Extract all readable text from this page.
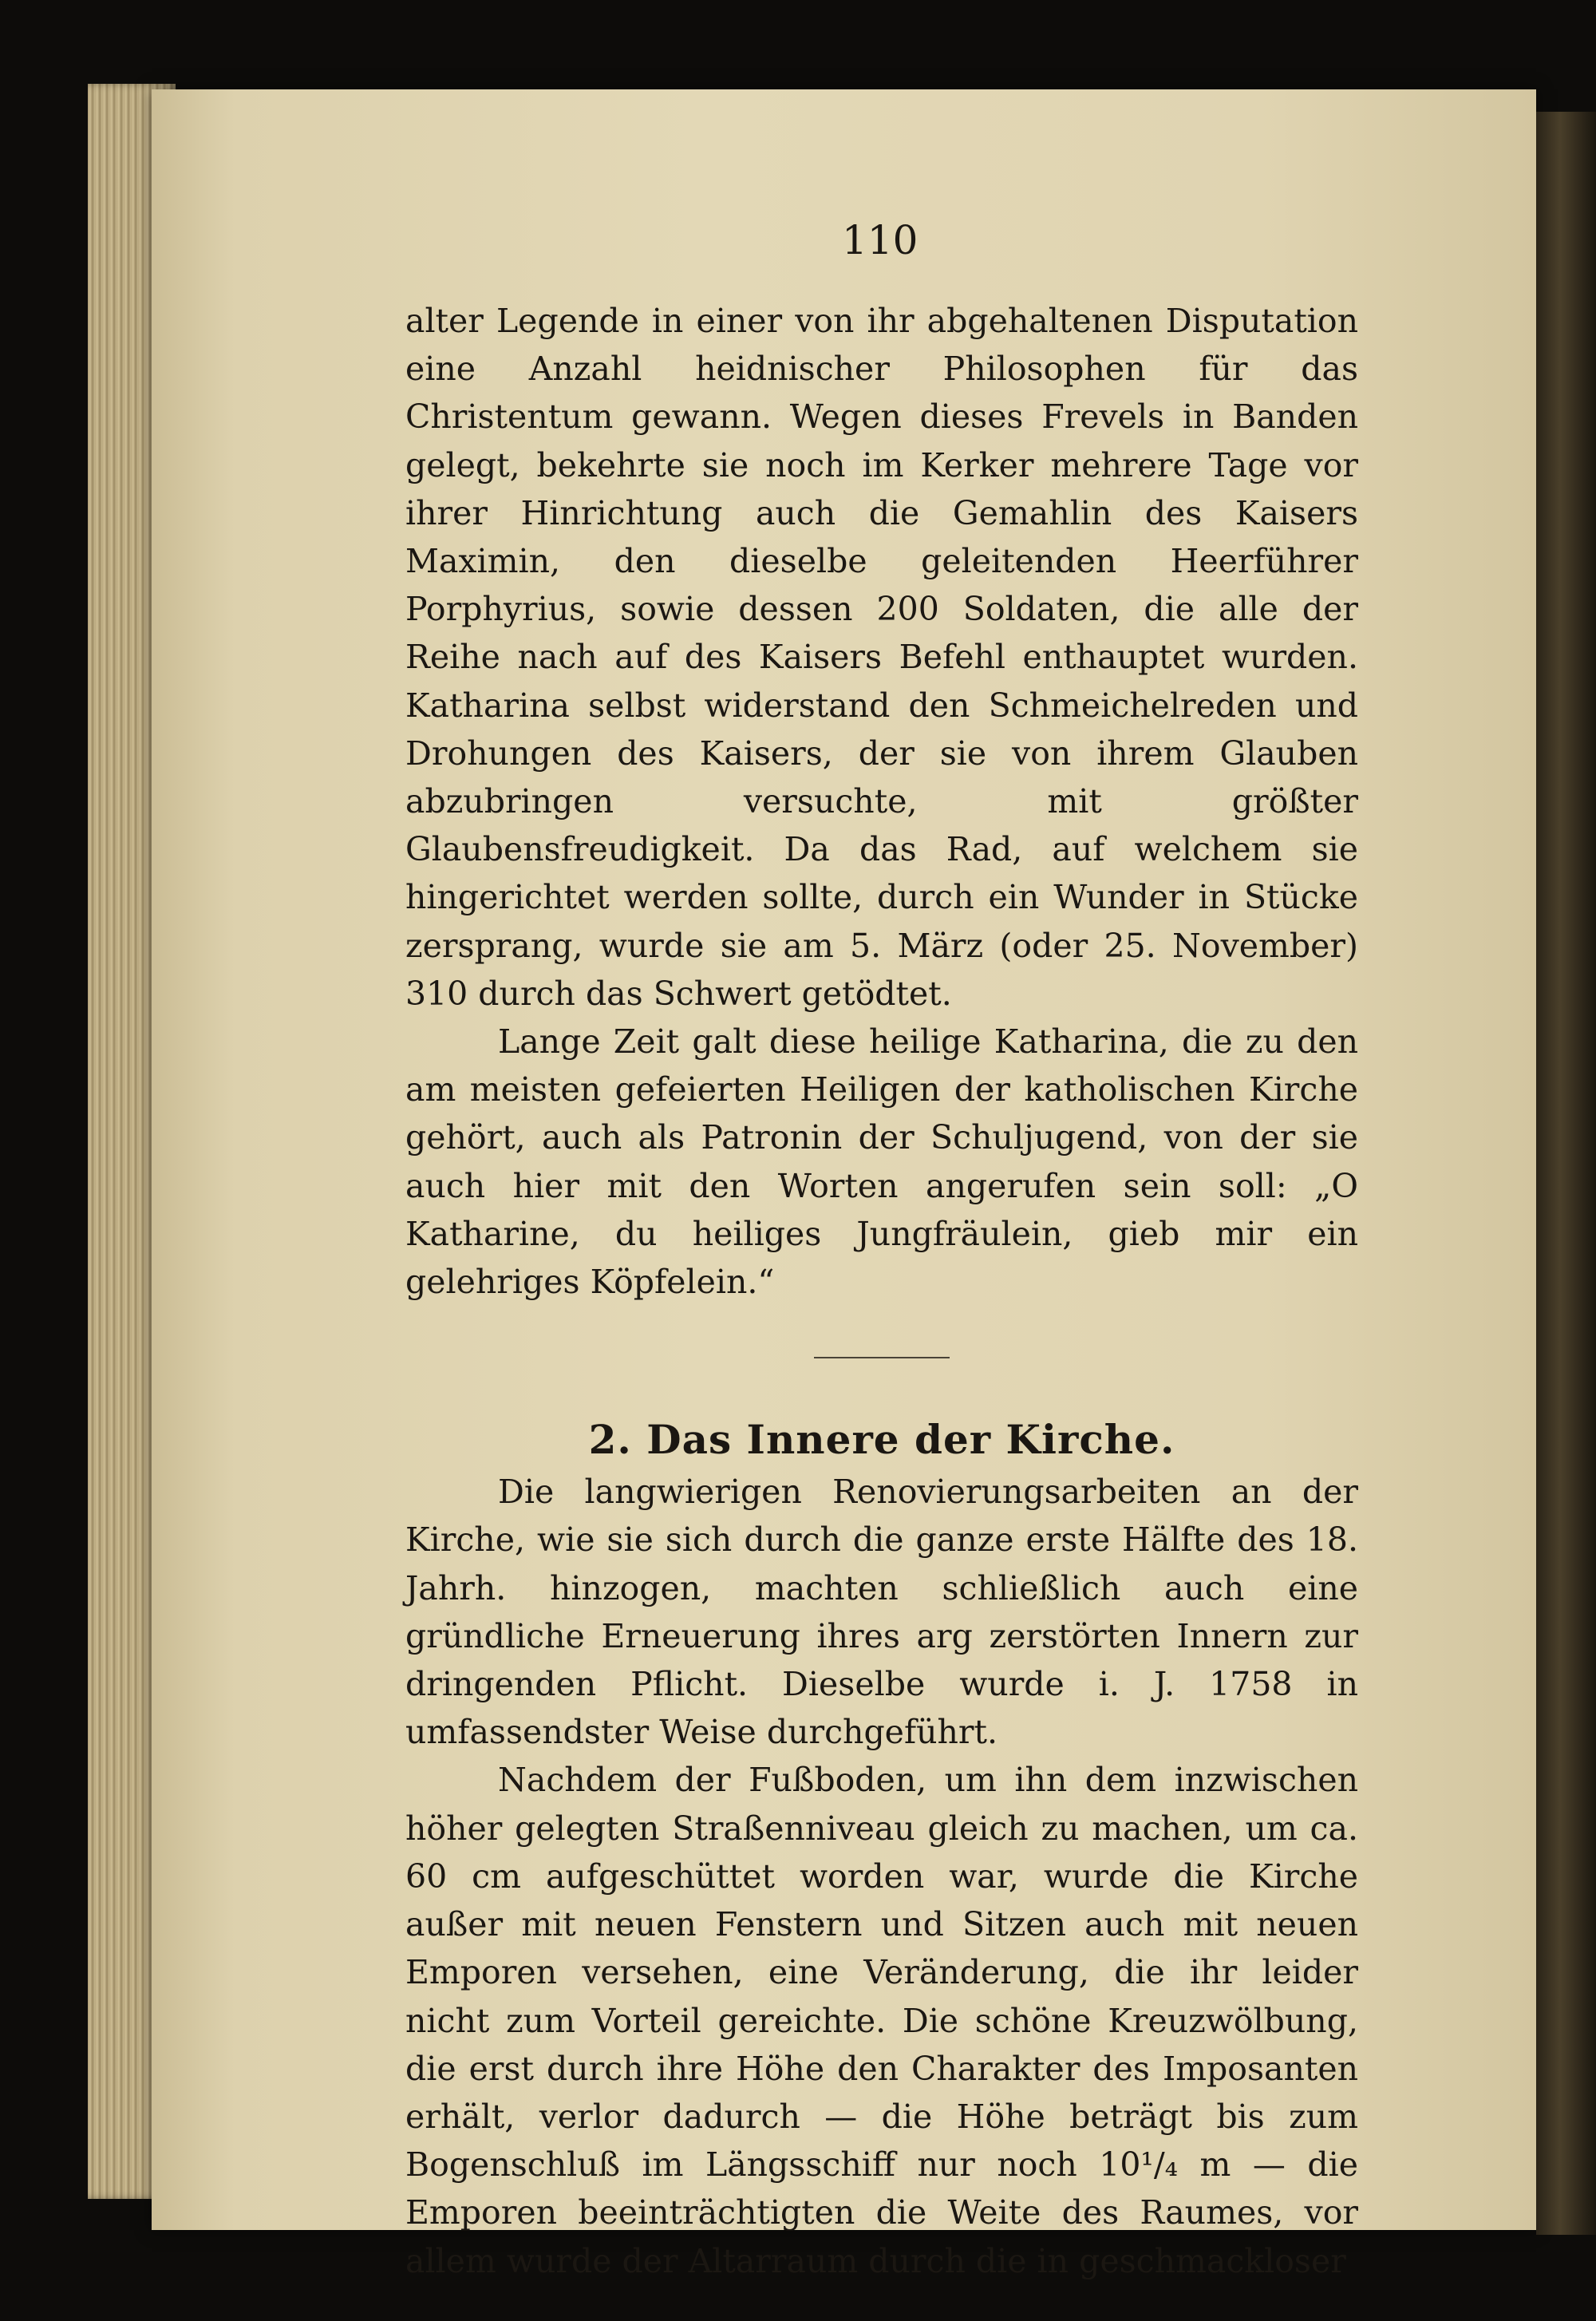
110

alter Legende in einer von ihr abgehaltenen Disputation eine Anzahl heidnischer Philosophen für das Christentum gewann. Wegen dieses Frevels in Banden gelegt, bekehrte sie noch im Kerker mehrere Tage vor ihrer Hinrichtung auch die Gemahlin des Kaisers Maximin, den dieselbe geleitenden Heerführer Porphyrius, sowie dessen 200 Soldaten, die alle der Reihe nach auf des Kaisers Befehl enthauptet wurden. Katharina selbst widerstand den Schmeichelreden und Drohungen des Kaisers, der sie von ihrem Glauben abzubringen versuchte, mit größter Glaubensfreudigkeit. Da das Rad, auf welchem sie hingerichtet werden sollte, durch ein Wunder in Stücke zersprang, wurde sie am 5. März (oder 25. November) 310 durch das Schwert getödtet.

Lange Zeit galt diese heilige Katharina, die zu den am meisten gefeierten Heiligen der katholischen Kirche gehört, auch als Patronin der Schuljugend, von der sie auch hier mit den Worten angerufen sein soll: „O Katharine, du heiliges Jungfräulein, gieb mir ein gelehriges Köpfelein.“

2. Das Innere der Kirche.

Die langwierigen Renovierungsarbeiten an der Kirche, wie sie sich durch die ganze erste Hälfte des 18. Jahrh. hinzogen, machten schließlich auch eine gründliche Erneuerung ihres arg zerstörten Innern zur dringenden Pflicht. Dieselbe wurde i. J. 1758 in umfassendster Weise durchgeführt.

Nachdem der Fußboden, um ihn dem inzwischen höher gelegten Straßenniveau gleich zu machen, um ca. 60 cm aufgeschüttet worden war, wurde die Kirche außer mit neuen Fenstern und Sitzen auch mit neuen Emporen versehen, eine Veränderung, die ihr leider nicht zum Vorteil gereichte. Die schöne Kreuzwölbung, die erst durch ihre Höhe den Charakter des Imposanten erhält, verlor dadurch — die Höhe beträgt bis zum Bogenschluß im Längsschiff nur noch 10¹/₄ m — die Emporen beeinträchtigten die Weite des Raumes, vor allem wurde der Altarraum durch die in geschmackloser
